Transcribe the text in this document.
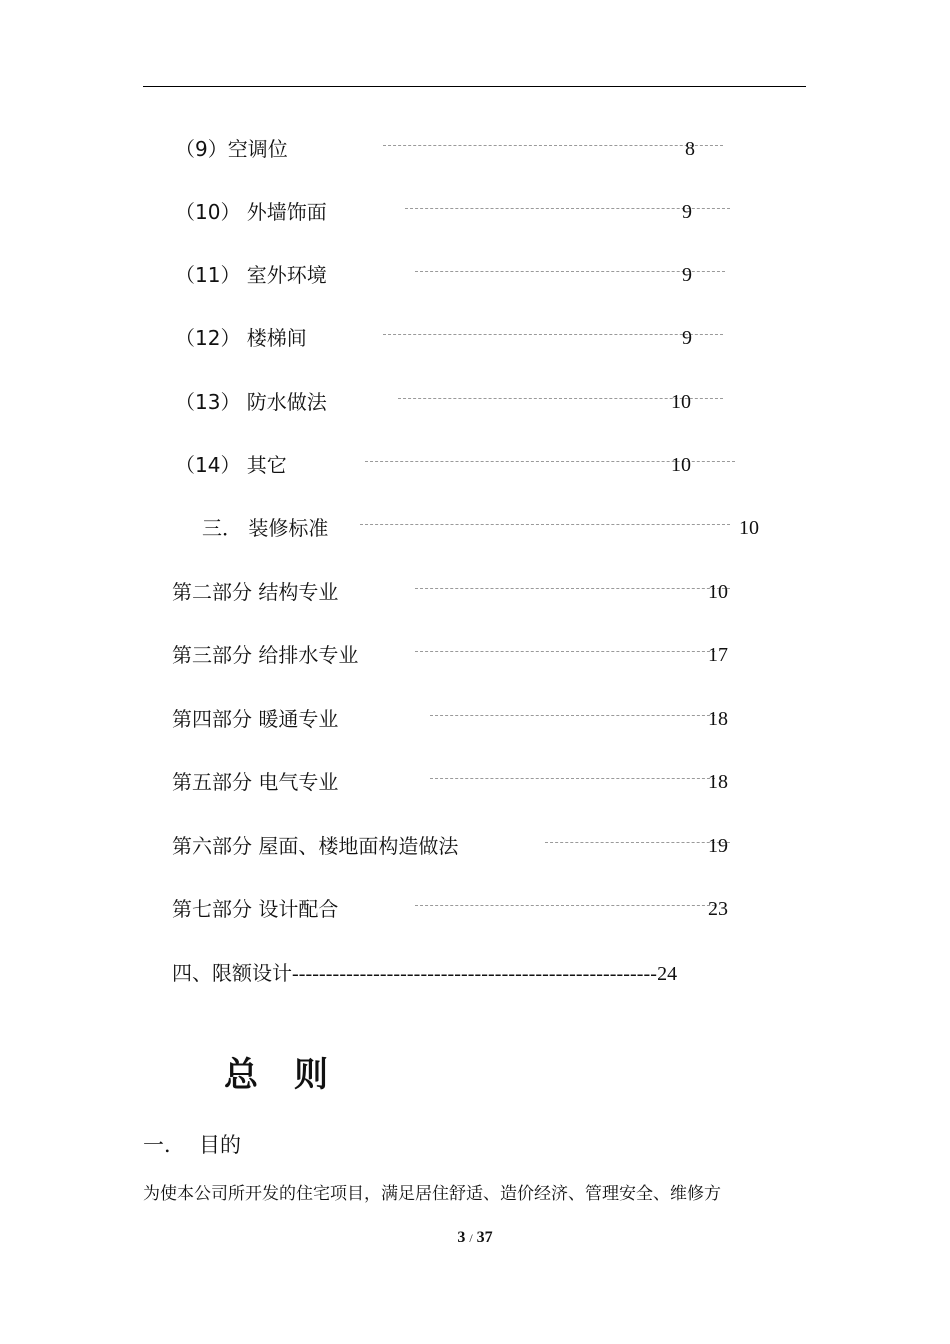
（9）空调位	8
（10） 外墙饰面	9
（11） 室外环境	9
（12） 楼梯间	9
（13） 防水做法	10
（14） 其它	10
三． 装修标准	10
第二部分 结构专业	10
第三部分 给排水专业	17
第四部分 暖通专业	18
第五部分 电气专业	18
第六部分 屋面、楼地面构造做法	19
第七部分 设计配合	23
四、限额设计------------------------------------------------------24
总则
一． 目的
为使本公司所开发的住宅项目，满足居住舒适、造价经济、管理安全、维修方
3 / 37
